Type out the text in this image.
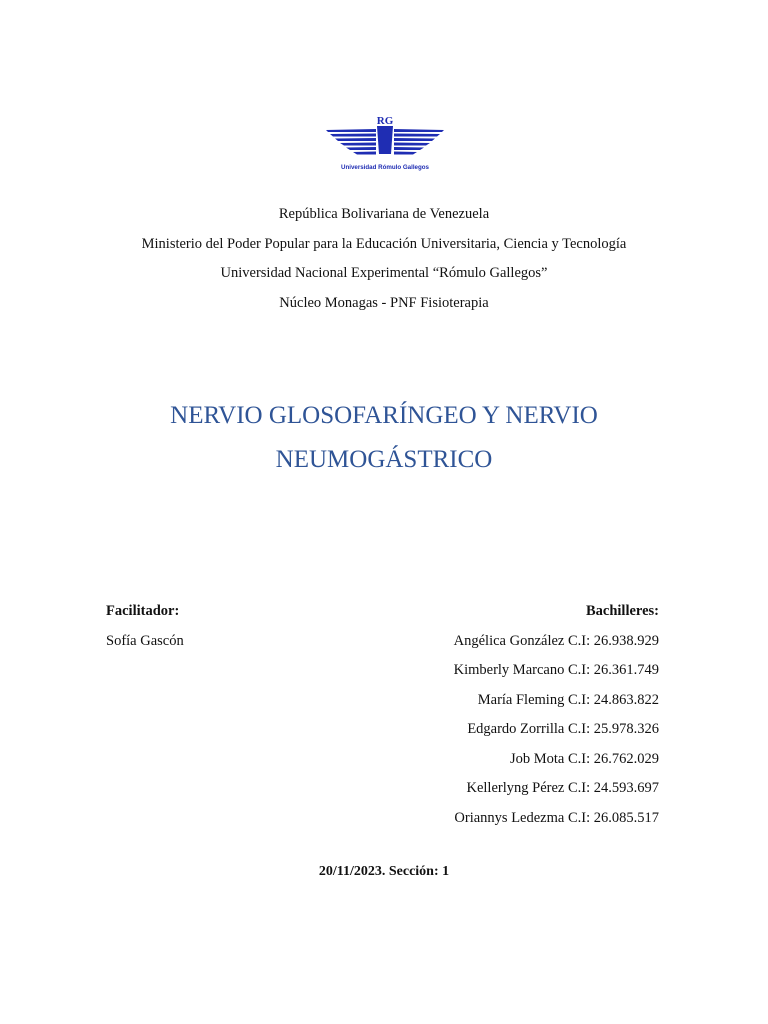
RG
Universidad Rómulo Gallegos
República Bolivariana de Venezuela
Ministerio del Poder Popular para la Educación Universitaria, Ciencia y Tecnología
Universidad Nacional Experimental “Rómulo Gallegos”
Núcleo Monagas - PNF Fisioterapia
NERVIO GLOSOFARÍNGEO Y NERVIO
NEUMOGÁSTRICO
Facilitador:
Sofía Gascón
Bachilleres:
Angélica González C.I: 26.938.929
Kimberly Marcano C.I: 26.361.749
María Fleming C.I: 24.863.822
Edgardo Zorrilla C.I: 25.978.326
Job Mota C.I: 26.762.029
Kellerlyng Pérez C.I: 24.593.697
Oriannys Ledezma C.I: 26.085.517
20/11/2023. Sección: 1
